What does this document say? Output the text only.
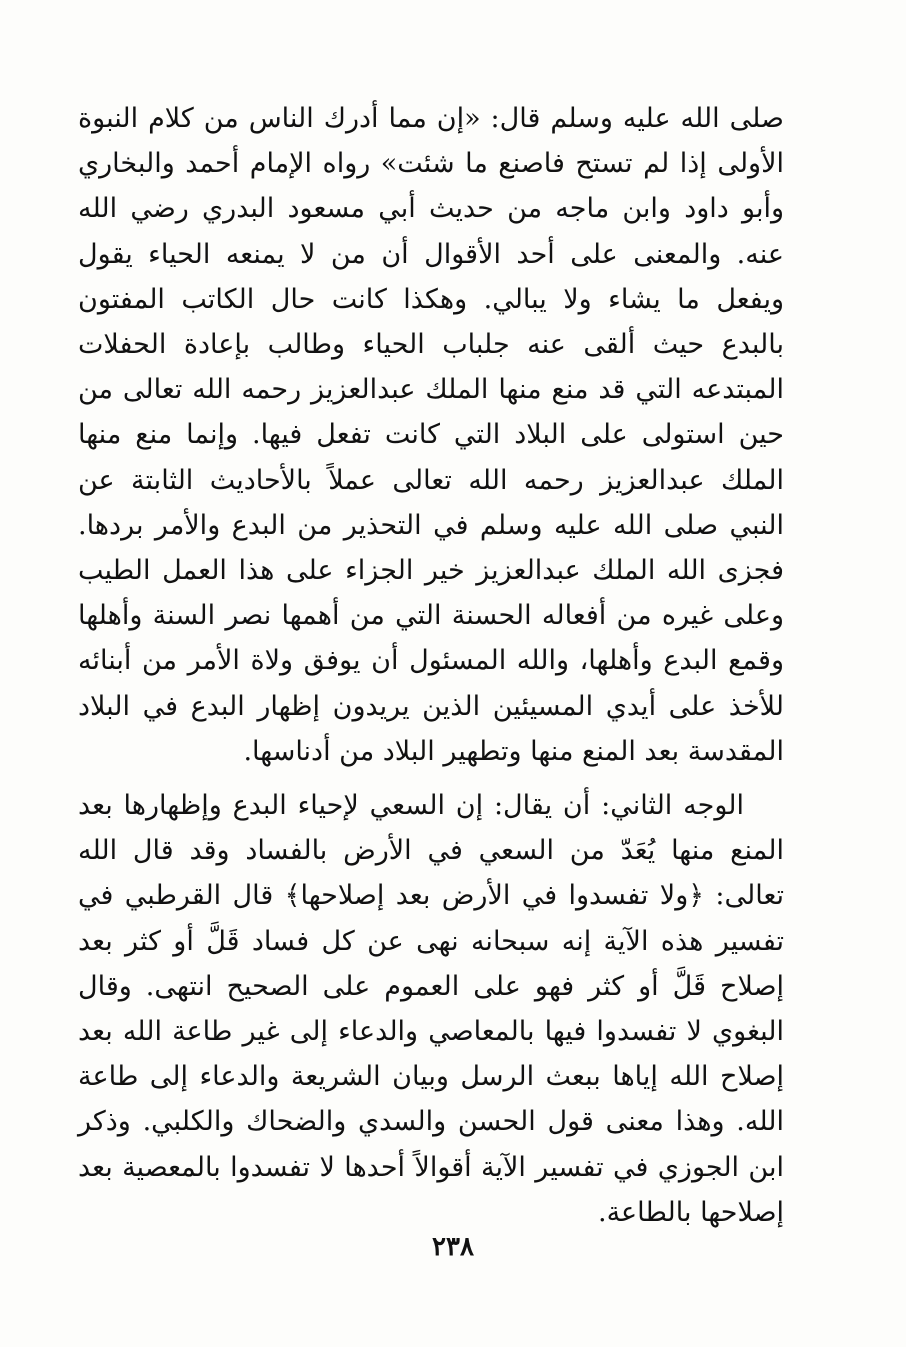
صلى الله عليه وسلم قال: «إن مما أدرك الناس من كلام النبوة الأولى إذا لم تستح فاصنع ما شئت» رواه الإمام أحمد والبخاري وأبو داود وابن ماجه من حديث أبي مسعود البدري رضي الله عنه. والمعنى على أحد الأقوال أن من لا يمنعه الحياء يقول ويفعل ما يشاء ولا يبالي. وهكذا كانت حال الكاتب المفتون بالبدع حيث ألقى عنه جلباب الحياء وطالب بإعادة الحفلات المبتدعه التي قد منع منها الملك عبدالعزيز رحمه الله تعالى من حين استولى على البلاد التي كانت تفعل فيها. وإنما منع منها الملك عبدالعزيز رحمه الله تعالى عملاً بالأحاديث الثابتة عن النبي صلى الله عليه وسلم في التحذير من البدع والأمر بردها. فجزى الله الملك عبدالعزيز خير الجزاء على هذا العمل الطيب وعلى غيره من أفعاله الحسنة التي من أهمها نصر السنة وأهلها وقمع البدع وأهلها، والله المسئول أن يوفق ولاة الأمر من أبنائه للأخذ على أيدي المسيئين الذين يريدون إظهار البدع في البلاد المقدسة بعد المنع منها وتطهير البلاد من أدناسها.

الوجه الثاني: أن يقال: إن السعي لإحياء البدع وإظهارها بعد المنع منها يُعَدّ من السعي في الأرض بالفساد وقد قال الله تعالى: ﴿ولا تفسدوا في الأرض بعد إصلاحها﴾ قال القرطبي في تفسير هذه الآية إنه سبحانه نهى عن كل فساد قَلَّ أو كثر بعد إصلاح قَلَّ أو كثر فهو على العموم على الصحيح انتهى. وقال البغوي لا تفسدوا فيها بالمعاصي والدعاء إلى غير طاعة الله بعد إصلاح الله إياها ببعث الرسل وبيان الشريعة والدعاء إلى طاعة الله. وهذا معنى قول الحسن والسدي والضحاك والكلبي. وذكر ابن الجوزي في تفسير الآية أقوالاً أحدها لا تفسدوا بالمعصية بعد إصلاحها بالطاعة.

٢٣٨
